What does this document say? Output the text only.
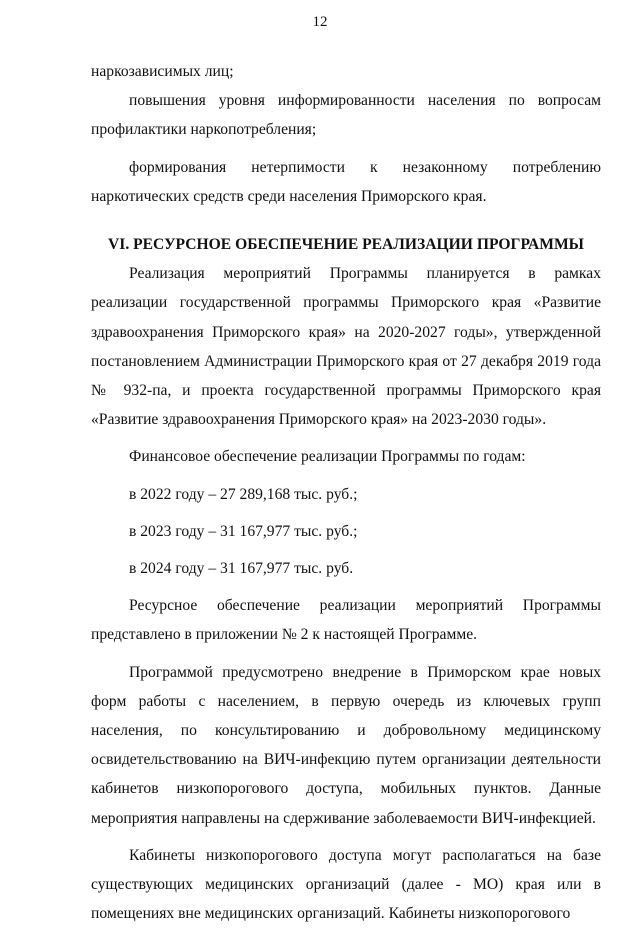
12

наркозависимых лиц;

повышения уровня информированности населения по вопросам профилактики наркопотребления;

формирования нетерпимости к незаконному потреблению

наркотических средств среди населения Приморского края.

VI. РЕСУРСНОЕ ОБЕСПЕЧЕНИЕ РЕАЛИЗАЦИИ ПРОГРАММЫ

Реализация мероприятий Программы планируется в рамках реализации государственной программы Приморского края «Развитие здравоохранения Приморского края» на 2020-2027 годы», утвержденной постановлением Администрации Приморского края от 27 декабря 2019 года № 932-па, и проекта государственной программы Приморского края «Развитие здравоохранения Приморского края» на 2023-2030 годы».

Финансовое обеспечение реализации Программы по годам:

в 2022 году – 27 289,168 тыс. руб.;

в 2023 году – 31 167,977 тыс. руб.;

в 2024 году – 31 167,977 тыс. руб.

Ресурсное обеспечение реализации мероприятий Программы

представлено в приложении № 2 к настоящей Программе.

Программой предусмотрено внедрение в Приморском крае новых форм работы с населением, в первую очередь из ключевых групп населения, по консультированию и добровольному медицинскому освидетельствованию на ВИЧ-инфекцию путем организации деятельности кабинетов низкопорогового доступа, мобильных пунктов. Данные мероприятия направлены на сдерживание заболеваемости ВИЧ-инфекцией.

Кабинеты низкопорогового доступа могут располагаться на базе существующих медицинских организаций (далее - МО) края или в помещениях вне медицинских организаций. Кабинеты низкопорогового
